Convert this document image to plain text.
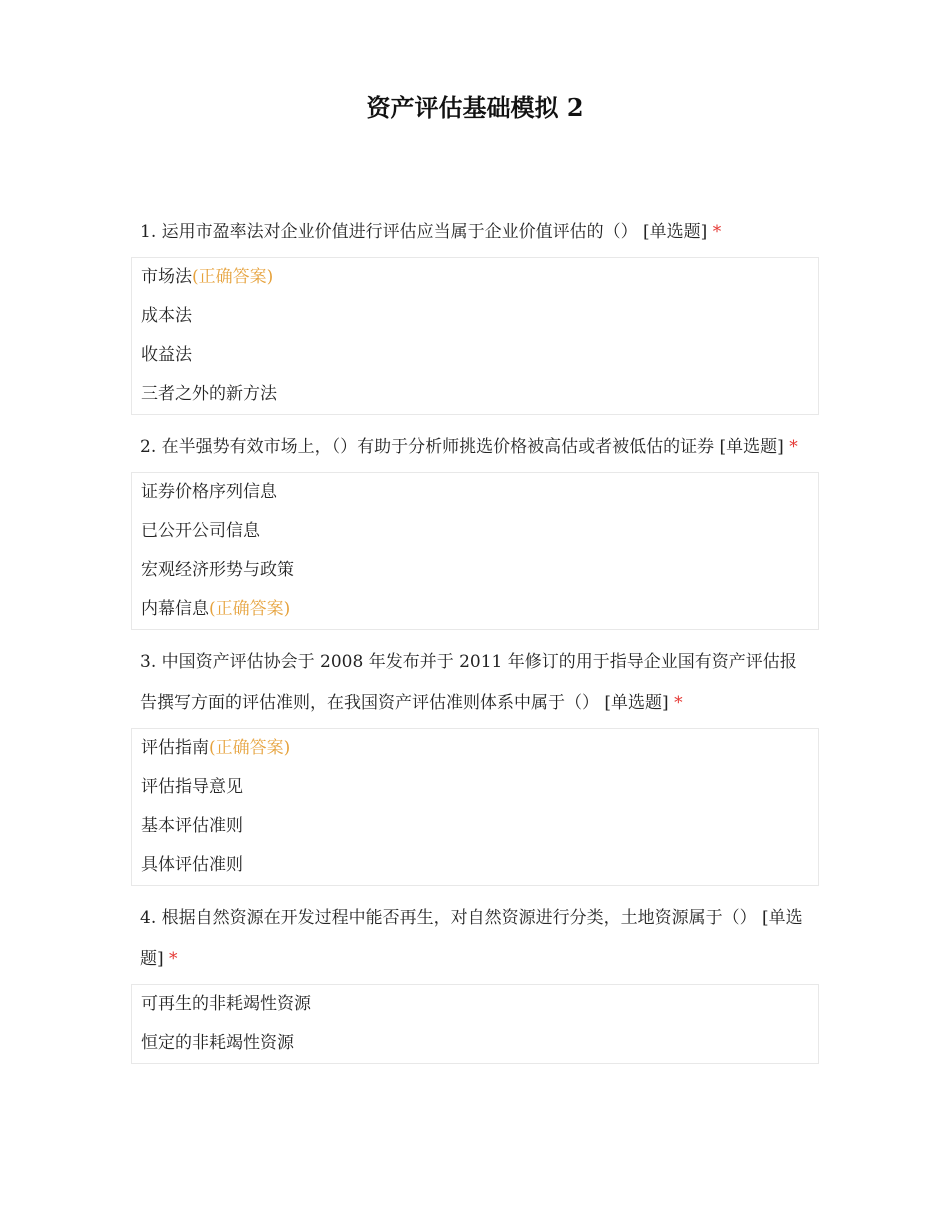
资产评估基础模拟 2
1. 运用市盈率法对企业价值进行评估应当属于企业价值评估的（） [单选题] *
市场法(正确答案)
成本法
收益法
三者之外的新方法
2. 在半强势有效市场上，（）有助于分析师挑选价格被高估或者被低估的证券 [单选题] *
证券价格序列信息
已公开公司信息
宏观经济形势与政策
内幕信息(正确答案)
3. 中国资产评估协会于 2008 年发布并于 2011 年修订的用于指导企业国有资产评估报告撰写方面的评估准则，在我国资产评估准则体系中属于（） [单选题] *
评估指南(正确答案)
评估指导意见
基本评估准则
具体评估准则
4. 根据自然资源在开发过程中能否再生，对自然资源进行分类，土地资源属于（） [单选题] *
可再生的非耗竭性资源
恒定的非耗竭性资源
